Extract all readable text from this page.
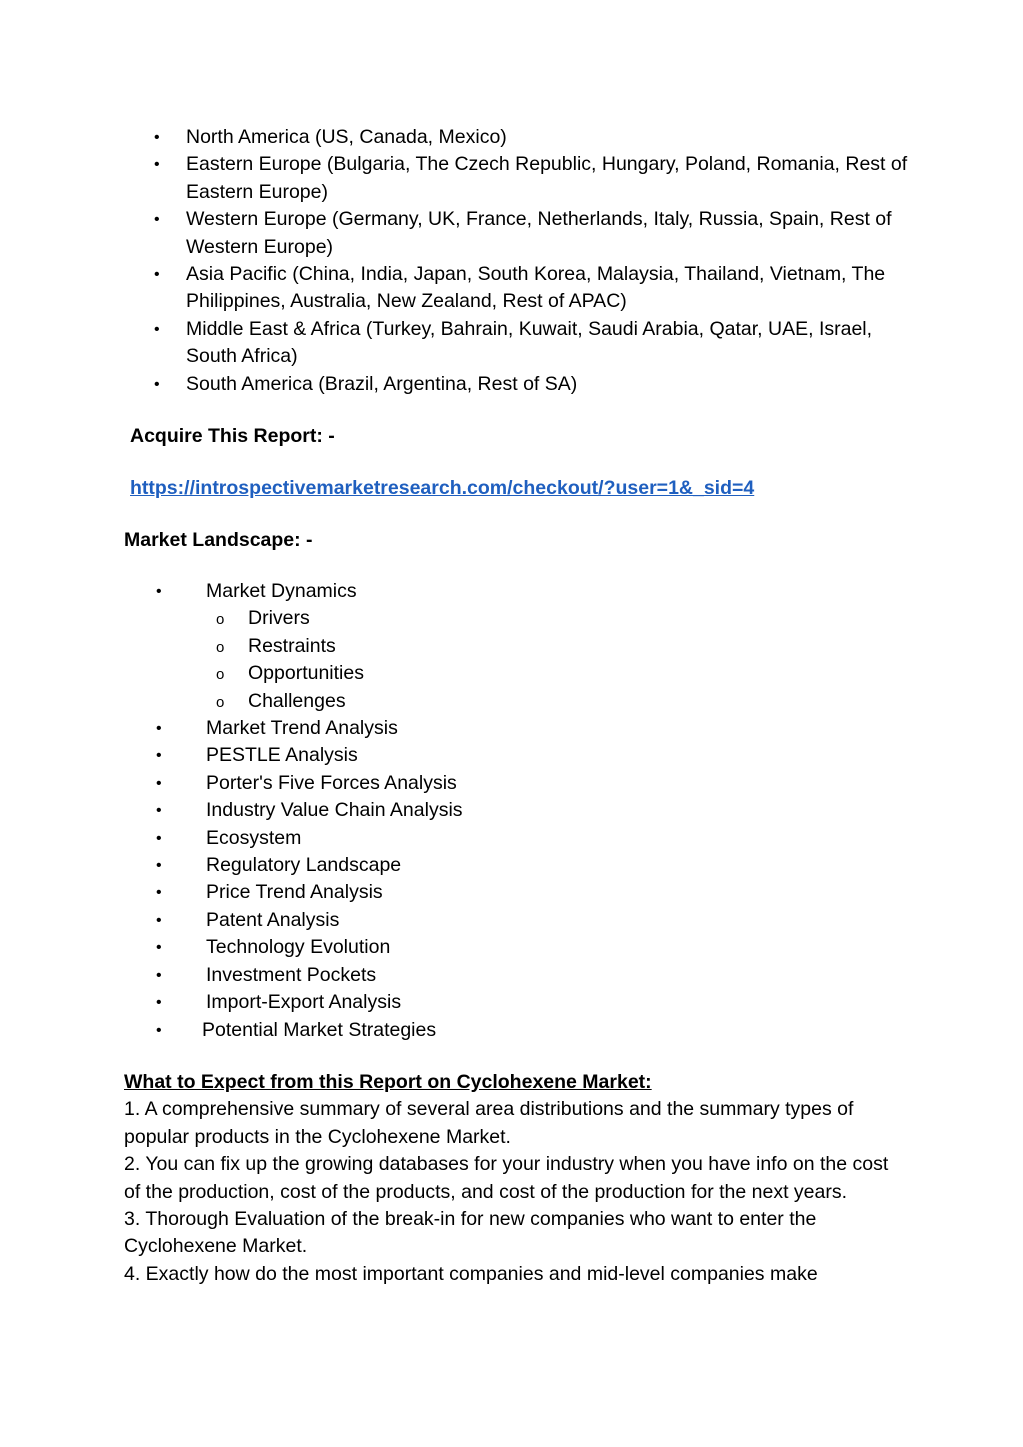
• North America (US, Canada, Mexico)
• Eastern Europe (Bulgaria, The Czech Republic, Hungary, Poland, Romania, Rest of Eastern Europe)
• Western Europe (Germany, UK, France, Netherlands, Italy, Russia, Spain, Rest of Western Europe)
• Asia Pacific (China, India, Japan, South Korea, Malaysia, Thailand, Vietnam, The Philippines, Australia, New Zealand, Rest of APAC)
• Middle East & Africa (Turkey, Bahrain, Kuwait, Saudi Arabia, Qatar, UAE, Israel, South Africa)
• South America (Brazil, Argentina, Rest of SA)
Acquire This Report: -
https://introspectivemarketresearch.com/checkout/?user=1&_sid=4
Market Landscape: -
• Market Dynamics
o Drivers
o Restraints
o Opportunities
o Challenges
• Market Trend Analysis
• PESTLE Analysis
• Porter's Five Forces Analysis
• Industry Value Chain Analysis
• Ecosystem
• Regulatory Landscape
• Price Trend Analysis
• Patent Analysis
• Technology Evolution
• Investment Pockets
• Import-Export Analysis
• Potential Market Strategies
What to Expect from this Report on Cyclohexene Market:

1. A comprehensive summary of several area distributions and the summary types of popular products in the Cyclohexene Market.

2. You can fix up the growing databases for your industry when you have info on the cost of the production, cost of the products, and cost of the production for the next years.

3. Thorough Evaluation of the break-in for new companies who want to enter the Cyclohexene Market.

4. Exactly how do the most important companies and mid-level companies make
